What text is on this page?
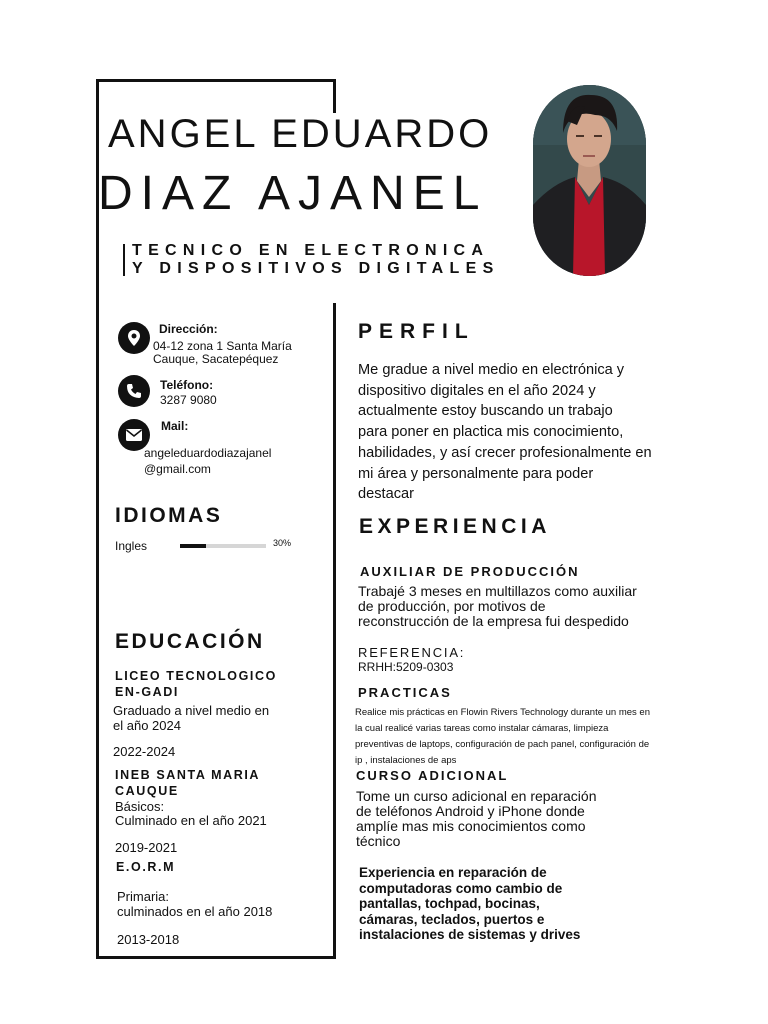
ANGEL EDUARDO
DIAZ AJANEL
TECNICO EN ELECTRONICA
Y DISPOSITIVOS DIGITALES
Dirección:
04-12 zona 1 Santa María
Cauque, Sacatepéquez
Teléfono:
3287 9080
Mail:
angeleduardodiazajanel
@gmail.com
IDIOMAS
Ingles	30%
EDUCACIÓN
LICEO TECNOLOGICO
EN-GADI
Graduado a nivel medio en
el año 2024
2022-2024
INEB SANTA MARIA
CAUQUE
Básicos:
Culminado en el año 2021
2019-2021
E.O.R.M
Primaria:
culminados en el año 2018
2013-2018
PERFIL
Me gradue a nivel medio en electrónica y
dispositivo digitales en el año 2024 y
actualmente estoy buscando un trabajo
para poner en plactica mis conocimiento,
habilidades, y así crecer profesionalmente en
mi área y personalmente para poder
destacar
EXPERIENCIA
AUXILIAR DE PRODUCCIÓN
Trabajé 3 meses en multillazos como auxiliar
de producción, por motivos de
reconstrucción de la empresa fui despedido
REFERENCIA:
RRHH:5209-0303
PRACTICAS
Realice mis prácticas en Flowin Rivers Technology durante un mes en
la cual realicé varias tareas como instalar cámaras, limpieza
preventivas de laptops, configuración de pach panel, configuración de
ip , instalaciones de aps
CURSO ADICIONAL
Tome un curso adicional en reparación
de teléfonos Android y iPhone donde
amplíe mas mis conocimientos como
técnico
Experiencia en reparación de
computadoras como cambio de
pantallas, tochpad, bocinas,
cámaras, teclados, puertos e
instalaciones de sistemas y drives
